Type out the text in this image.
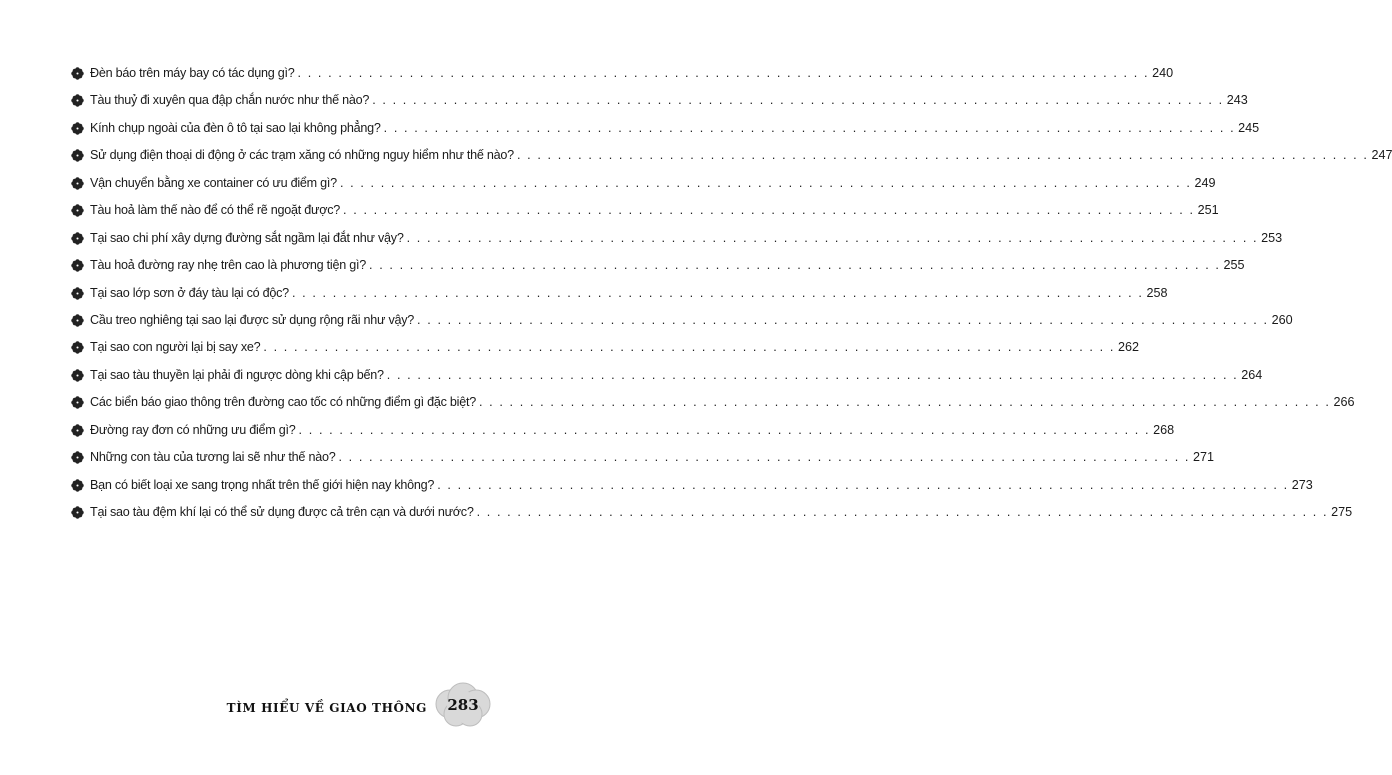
Đèn báo trên máy bay có tác dụng gì? . . . . . . . . . . . . . . . . . . . . . . . . . . . . . . . . . . . . . . . . . . . . . . . . . . . . . . . . . . . . . . . . . . . . . . . . . . . . . . . . . . . . 240
Tàu thuỷ đi xuyên qua đập chắn nước như thế nào? . . . . . . . . . . . . . . . . . . . . . . . . . . . . . . . . . . . . . . . . . . . . . . . . . . . . . . . . . . . . . . . . . . . . . . . . . . . . . . . . . . . . 243
Kính chụp ngoài của đèn ô tô tại sao lại không phẳng? . . . . . . . . . . . . . . . . . . . . . . . . . . . . . . . . . . . . . . . . . . . . . . . . . . . . . . . . . . . . . . . . . . . . . . . . . . . . . . . . . . . . 245
Sử dụng điện thoại di động ở các trạm xăng có những nguy hiểm như thế nào? . . . . . . . . . . . . . . . . . . . . . . . . . . . . . . . . . . . . . . . . . . . . . . . . . . . . . . . . . . . . . . . . . . . . . . . . . . . . . . . . . . . . 247
Vận chuyển bằng xe container có ưu điểm gì? . . . . . . . . . . . . . . . . . . . . . . . . . . . . . . . . . . . . . . . . . . . . . . . . . . . . . . . . . . . . . . . . . . . . . . . . . . . . . . . . . . . . 249
Tàu hoả làm thế nào để có thể rẽ ngoặt được? . . . . . . . . . . . . . . . . . . . . . . . . . . . . . . . . . . . . . . . . . . . . . . . . . . . . . . . . . . . . . . . . . . . . . . . . . . . . . . . . . . . . 251
Tại sao chi phí xây dựng đường sắt ngầm lại đắt như vậy? . . . . . . . . . . . . . . . . . . . . . . . . . . . . . . . . . . . . . . . . . . . . . . . . . . . . . . . . . . . . . . . . . . . . . . . . . . . . . . . . . . . . 253
Tàu hoả đường ray nhẹ trên cao là phương tiện gì? . . . . . . . . . . . . . . . . . . . . . . . . . . . . . . . . . . . . . . . . . . . . . . . . . . . . . . . . . . . . . . . . . . . . . . . . . . . . . . . . . . . . 255
Tại sao lớp sơn ở đáy tàu lại có độc? . . . . . . . . . . . . . . . . . . . . . . . . . . . . . . . . . . . . . . . . . . . . . . . . . . . . . . . . . . . . . . . . . . . . . . . . . . . . . . . . . . . . 258
Cầu treo nghiêng tại sao lại được sử dụng rộng rãi như vậy? . . . . . . . . . . . . . . . . . . . . . . . . . . . . . . . . . . . . . . . . . . . . . . . . . . . . . . . . . . . . . . . . . . . . . . . . . . . . . . . . . . . . 260
Tại sao con người lại bị say xe? . . . . . . . . . . . . . . . . . . . . . . . . . . . . . . . . . . . . . . . . . . . . . . . . . . . . . . . . . . . . . . . . . . . . . . . . . . . . . . . . . . . . 262
Tại sao tàu thuyền lại phải đi ngược dòng khi cập bến? . . . . . . . . . . . . . . . . . . . . . . . . . . . . . . . . . . . . . . . . . . . . . . . . . . . . . . . . . . . . . . . . . . . . . . . . . . . . . . . . . . . . 264
Các biển báo giao thông trên đường cao tốc có những điểm gì đặc biệt? . . . . . . . . . . . . . . . . . . . . . . . . . . . . . . . . . . . . . . . . . . . . . . . . . . . . . . . . . . . . . . . . . . . . . . . . . . . . . . . . . . . . 266
Đường ray đơn có những ưu điểm gì? . . . . . . . . . . . . . . . . . . . . . . . . . . . . . . . . . . . . . . . . . . . . . . . . . . . . . . . . . . . . . . . . . . . . . . . . . . . . . . . . . . . . 268
Những con tàu của tương lai sẽ như thế nào? . . . . . . . . . . . . . . . . . . . . . . . . . . . . . . . . . . . . . . . . . . . . . . . . . . . . . . . . . . . . . . . . . . . . . . . . . . . . . . . . . . . . 271
Bạn có biết loại xe sang trọng nhất trên thế giới hiện nay không? . . . . . . . . . . . . . . . . . . . . . . . . . . . . . . . . . . . . . . . . . . . . . . . . . . . . . . . . . . . . . . . . . . . . . . . . . . . . . . . . . . . . 273
Tại sao tàu đệm khí lại có thể sử dụng được cả trên cạn và dưới nước? . . . . . . . . . . . . . . . . . . . . . . . . . . . . . . . . . . . . . . . . . . . . . . . . . . . . . . . . . . . . . . . . . . . . . . . . . . . . . . . . . . . . 275
TÌM HIỂU VỀ GIAO THÔNG	283
